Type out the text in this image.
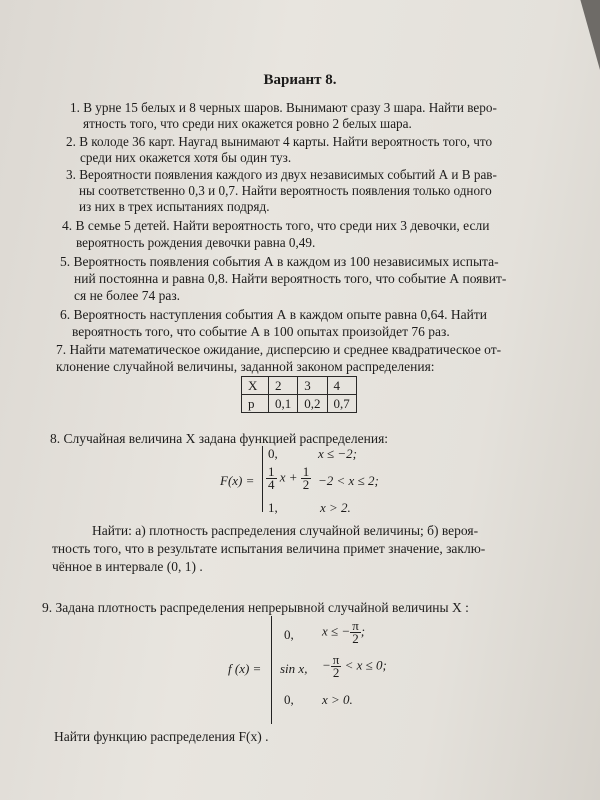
Вариант 8.
1. В урне 15 белых и 8 черных шаров. Вынимают сразу 3 шара. Найти веро-
ятность того, что среди них окажется ровно 2 белых шара.
2. В колоде 36 карт. Наугад вынимают 4 карты. Найти вероятность того, что
среди них окажется хотя бы один туз.
3. Вероятности появления каждого из двух независимых событий А и В рав-
ны соответственно 0,3 и 0,7. Найти вероятность появления только одного
из них в трех испытаниях подряд.
4. В семье 5 детей. Найти вероятность того, что среди них 3 девочки, если
вероятность рождения девочки равна 0,49.
5. Вероятность появления события А в каждом из 100 независимых испыта-
ний постоянна и равна 0,8. Найти вероятность того, что событие А появит-
ся не более 74 раз.
6. Вероятность наступления события А в каждом опыте равна 0,64. Найти
вероятность того, что событие А в 100 опытах произойдет 76 раз.
7. Найти математическое ожидание, дисперсию и среднее квадратическое от-
клонение случайной величины, заданной законом распределения:
X	2	3	4
p	0,1	0,2	0,7
8. Случайная величина X задана функцией распределения:
F(x) =
0,	x ≤ −2;
$\frac{1}{4}$ $x + \frac{1}{2} -2 < x \le 2$;
1,	x > 2.
Найти: а) плотность распределения случайной величины; б) вероя-
тность того, что в результате испытания величина примет значение, заклю-
чённое в интервале (0, 1) .
9. Задана плотность распределения непрерывной случайной величины X :
f (x) =
0, x ≤ − $\frac{\pi}{2}$ ;
sin x, − $\frac{\pi}{2} < x \le 0$;
0, x > 0.
Найти функцию распределения F(x) .
